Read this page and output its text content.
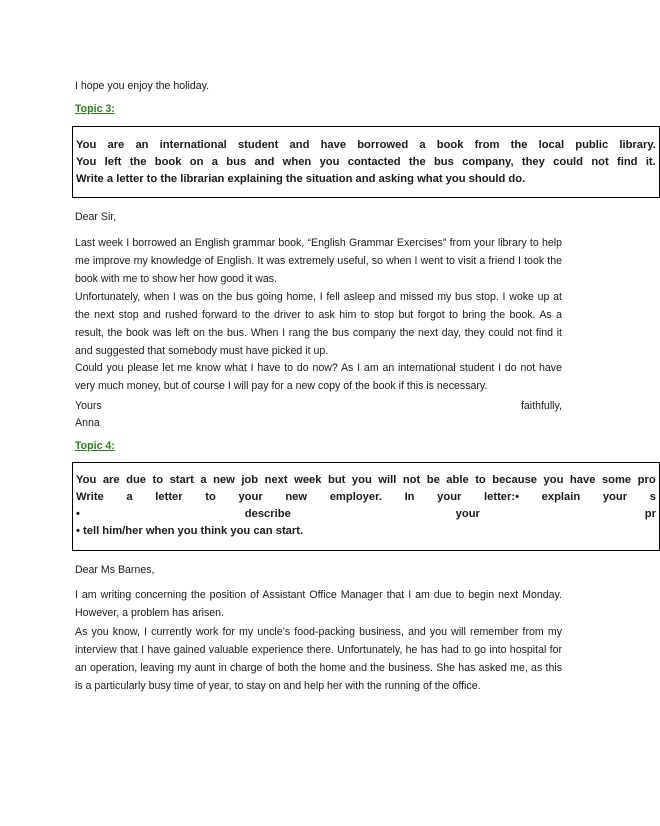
I hope you enjoy the holiday.

Topic 3:

You are an international student and have borrowed a book from the local public library.
You left the book on a bus and when you contacted the bus company, they could not find it.
Write a letter to the librarian explaining the situation and asking what you should do.

Dear Sir,

Last week I borrowed an English grammar book, “English Grammar Exercises” from your library to help me improve my knowledge of English. It was extremely useful, so when I went to visit a friend I took the book with me to show her how good it was.

Unfortunately, when I was on the bus going home, I fell asleep and missed my bus stop. I woke up at the next stop and rushed forward to the driver to ask him to stop but forgot to bring the book. As a result, the book was left on the bus. When I rang the bus company the next day, they could not find it and suggested that somebody must have picked it up.

Could you please let me know what I have to do now? As I am an international student I do not have very much money, but of course I will pay for a new copy of the book if this is necessary.

Yours	faithfully,

Anna

Topic 4:

You are due to start a new job next week but you will not be able to because you have some pro
Write a letter to your new employer. In your letter:• explain your s
•	describe	your	pr
• tell him/her when you think you can start.

Dear Ms Barnes,

I am writing concerning the position of Assistant Office Manager that I am due to begin next Monday. However, a problem has arisen.

As you know, I currently work for my uncle’s food-packing business, and you will remember from my interview that I have gained valuable experience there. Unfortunately, he has had to go into hospital for an operation, leaving my aunt in charge of both the home and the business. She has asked me, as this is a particularly busy time of year, to stay on and help her with the running of the office.
